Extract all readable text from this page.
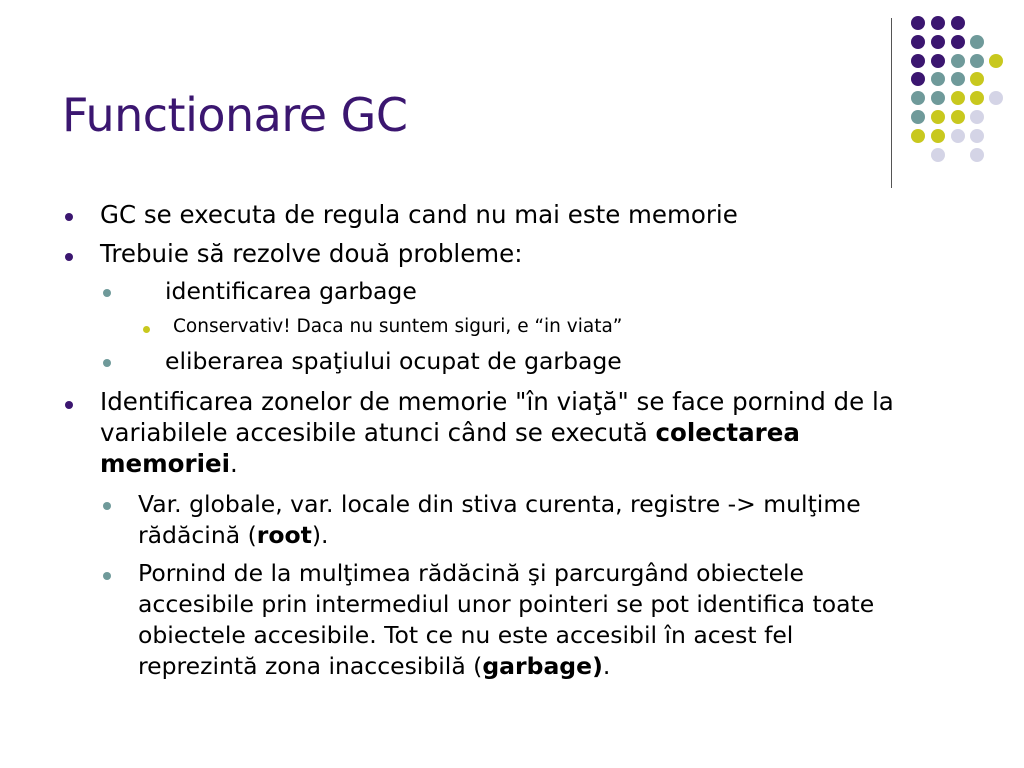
Functionare GC
GC se executa de regula cand nu mai este memorie
Trebuie să rezolve două probleme:
identificarea garbage
Conservativ! Daca nu suntem siguri, e “in viata”
eliberarea spaţiului ocupat de garbage
Identificarea zonelor de memorie "în viaţă" se face pornind de la
variabilele accesibile atunci când se execută colectarea
memoriei.
Var. globale, var. locale din stiva curenta, registre -> mulţime
rădăcină (root).
Pornind de la mulţimea rădăcină şi parcurgând obiectele
accesibile prin intermediul unor pointeri se pot identifica toate
obiectele accesibile. Tot ce nu este accesibil în acest fel
reprezintă zona inaccesibilă (garbage).
